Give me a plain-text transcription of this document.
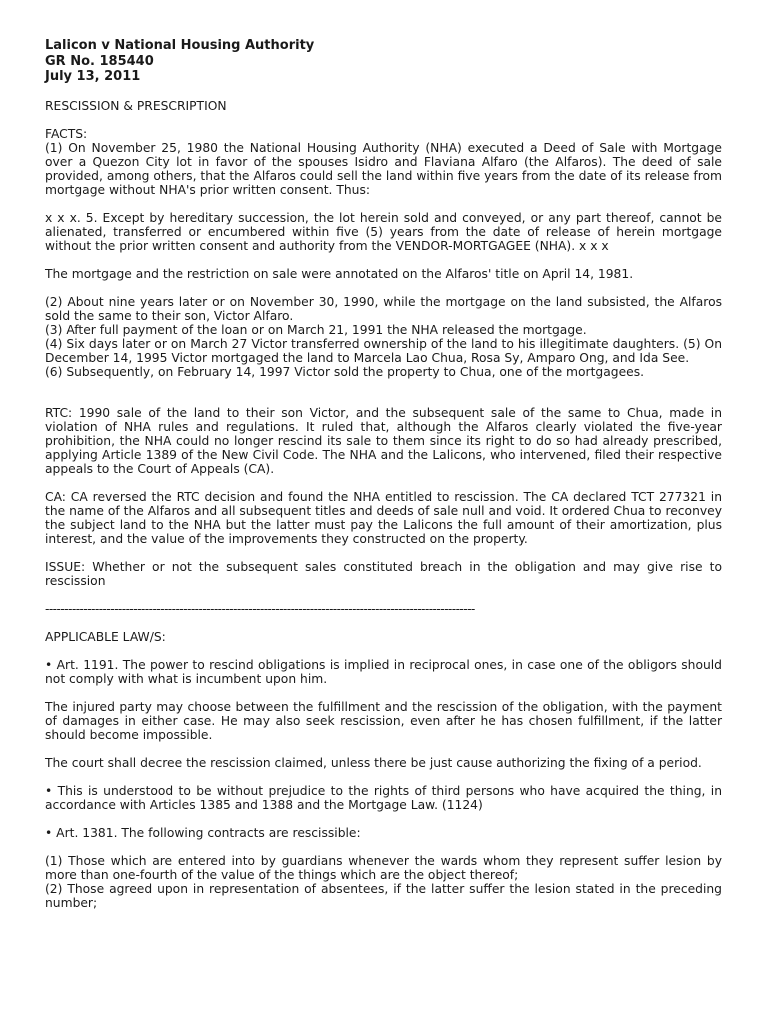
Lalicon v National Housing Authority
GR No. 185440
July 13, 2011
RESCISSION & PRESCRIPTION
FACTS:
(1) On November 25, 1980 the National Housing Authority (NHA) executed a Deed of Sale with Mortgage over a Quezon City lot in favor of the spouses Isidro and Flaviana Alfaro (the Alfaros). The deed of sale provided, among others, that the Alfaros could sell the land within five years from the date of its release from mortgage without NHA's prior written consent. Thus:
x x x. 5. Except by hereditary succession, the lot herein sold and conveyed, or any part thereof, cannot be alienated, transferred or encumbered within five (5) years from the date of release of herein mortgage without the prior written consent and authority from the VENDOR-MORTGAGEE (NHA). x x x
The mortgage and the restriction on sale were annotated on the Alfaros' title on April 14, 1981.
(2) About nine years later or on November 30, 1990, while the mortgage on the land subsisted, the Alfaros sold the same to their son, Victor Alfaro.
(3) After full payment of the loan or on March 21, 1991 the NHA released the mortgage.
(4) Six days later or on March 27 Victor transferred ownership of the land to his illegitimate daughters. (5) On December 14, 1995 Victor mortgaged the land to Marcela Lao Chua, Rosa Sy, Amparo Ong, and Ida See.
(6) Subsequently, on February 14, 1997 Victor sold the property to Chua, one of the mortgagees.
RTC: 1990 sale of the land to their son Victor, and the subsequent sale of the same to Chua, made in violation of NHA rules and regulations. It ruled that, although the Alfaros clearly violated the five-year prohibition, the NHA could no longer rescind its sale to them since its right to do so had already prescribed, applying Article 1389 of the New Civil Code. The NHA and the Lalicons, who intervened, filed their respective appeals to the Court of Appeals (CA).
CA: CA reversed the RTC decision and found the NHA entitled to rescission. The CA declared TCT 277321 in the name of the Alfaros and all subsequent titles and deeds of sale null and void. It ordered Chua to reconvey the subject land to the NHA but the latter must pay the Lalicons the full amount of their amortization, plus interest, and the value of the improvements they constructed on the property.
ISSUE: Whether or not the subsequent sales constituted breach in the obligation and may give rise to rescission
----------------------------------------------------------------------------------------------------------------
APPLICABLE LAW/S:
• Art. 1191. The power to rescind obligations is implied in reciprocal ones, in case one of the obligors should not comply with what is incumbent upon him.
The injured party may choose between the fulfillment and the rescission of the obligation, with the payment of damages in either case. He may also seek rescission, even after he has chosen fulfillment, if the latter should become impossible.
The court shall decree the rescission claimed, unless there be just cause authorizing the fixing of a period.
• This is understood to be without prejudice to the rights of third persons who have acquired the thing, in accordance with Articles 1385 and 1388 and the Mortgage Law. (1124)
• Art. 1381. The following contracts are rescissible:
(1) Those which are entered into by guardians whenever the wards whom they represent suffer lesion by more than one-fourth of the value of the things which are the object thereof;
(2) Those agreed upon in representation of absentees, if the latter suffer the lesion stated in the preceding number;
